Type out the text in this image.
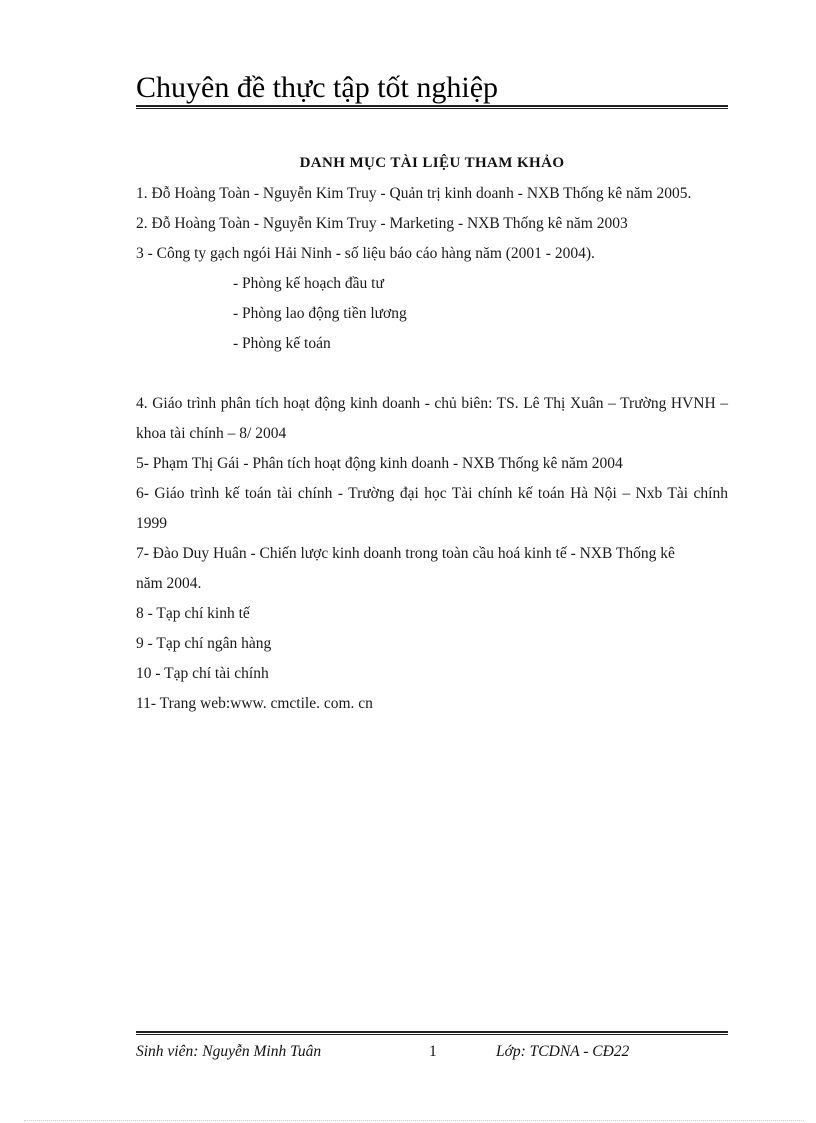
Chuyên đề thực tập tốt nghiệp
DANH MỤC TÀI LIỆU THAM KHẢO
1. Đỗ Hoàng Toàn - Nguyễn Kim Truy - Quản trị kinh doanh - NXB Thống kê năm 2005.
2. Đỗ Hoàng Toàn - Nguyễn Kim Truy - Marketing - NXB Thống kê năm 2003
3 - Công ty gạch ngói Hải Ninh - số liệu báo cáo hàng năm (2001 - 2004).
- Phòng kế hoạch đầu tư
- Phòng lao động tiền lương
- Phòng kế toán
4. Giáo trình phân tích hoạt động kinh doanh - chủ biên: TS. Lê Thị Xuân – Trường HVNH – khoa tài chính – 8/ 2004
5- Phạm Thị Gái - Phân tích hoạt động kinh doanh - NXB Thống kê năm 2004
6- Giáo trình kế toán tài chính - Trường đại học Tài chính kế toán Hà Nội – Nxb Tài chính 1999
7- Đào Duy Huân - Chiến lược kinh doanh trong toàn cầu hoá kinh tế - NXB Thống kê năm 2004.
8 - Tạp chí kinh tế
9 - Tạp chí ngân hàng
10 - Tạp chí tài chính
11- Trang web:www. cmctile. com. cn
Sinh viên: Nguyễn Minh Tuân	1	Lớp: TCDNA - CĐ22
